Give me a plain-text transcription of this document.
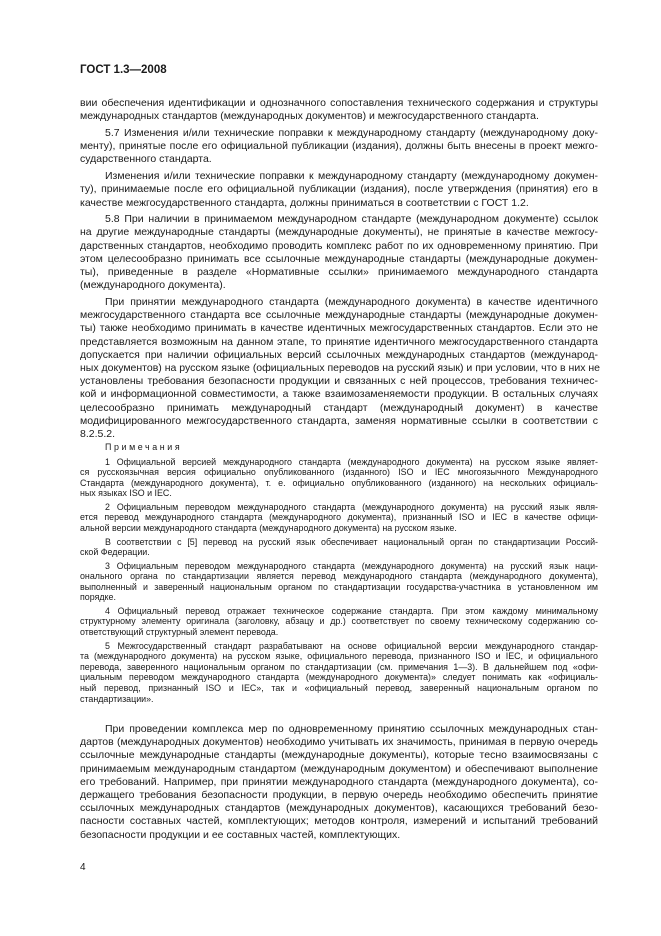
ГОСТ 1.3—2008
вии обеспечения идентификации и однозначного сопоставления технического содержания и структуры
международных стандартов (международных документов) и межгосударственного стандарта.
5.7 Изменения и/или технические поправки к международному стандарту (международному доку-
менту), принятые после его официальной публикации (издания), должны быть внесены в проект межго-
сударственного стандарта.
Изменения и/или технические поправки к международному стандарту (международному докумен-
ту), принимаемые после его официальной публикации (издания), после утверждения (принятия) его в
качестве межгосударственного стандарта, должны приниматься в соответствии с ГОСТ 1.2.
5.8 При наличии в принимаемом международном стандарте (международном документе) ссылок
на другие международные стандарты (международные документы), не принятые в качестве межгосу-
дарственных стандартов, необходимо проводить комплекс работ по их одновременному принятию. При
этом целесообразно принимать все ссылочные международные стандарты (международные докумен-
ты), приведенные в разделе «Нормативные ссылки» принимаемого международного стандарта
(международного документа).
При принятии международного стандарта (международного документа) в качестве идентичного
межгосударственного стандарта все ссылочные международные стандарты (международные докумен-
ты) также необходимо принимать в качестве идентичных межгосударственных стандартов. Если это не
представляется возможным на данном этапе, то принятие идентичного межгосударственного стандарта
допускается при наличии официальных версий ссылочных международных стандартов (международ-
ных документов) на русском языке (официальных переводов на русский язык) и при условии, что в них не
установлены требования безопасности продукции и связанных с ней процессов, требования техничес-
кой и информационной совместимости, а также взаимозаменяемости продукции. В остальных случаях
целесообразно принимать международный стандарт (международный документ) в качестве
модифицированного межгосударственного стандарта, заменяя нормативные ссылки в соответствии с
8.2.5.2.
Примечания
1 Официальной версией международного стандарта (международного документа) на русском языке являет-
ся русскоязычная версия официально опубликованного (изданного) ISO и IEC многоязычного Международного
Стандарта (международного документа), т. е. официально опубликованного (изданного) на нескольких официаль-
ных языках ISO и IEC.
2 Официальным переводом международного стандарта (международного документа) на русский язык явля-
ется перевод международного стандарта (международного документа), признанный ISO и IEC в качестве офици-
альной версии международного стандарта (международного документа) на русском языке.
В соответствии с [5] перевод на русский язык обеспечивает национальный орган по стандартизации Россий-
ской Федерации.
3 Официальным переводом международного стандарта (международного документа) на русский язык наци-
онального органа по стандартизации является перевод международного стандарта (международного документа),
выполненный и заверенный национальным органом по стандартизации государства-участника в установленном им
порядке.
4 Официальный перевод отражает техническое содержание стандарта. При этом каждому минимальному
структурному элементу оригинала (заголовку, абзацу и др.) соответствует по своему техническому содержанию со-
ответствующий структурный элемент перевода.
5 Межгосударственный стандарт разрабатывают на основе официальной версии международного стандар-
та (международного документа) на русском языке, официального перевода, признанного ISO и IEC, и официального
перевода, заверенного национальным органом по стандартизации (см. примечания 1—3). В дальнейшем под «офи-
циальным переводом международного стандарта (международного документа)» следует понимать как «официаль-
ный перевод, признанный ISO и IEC», так и «официальный перевод, заверенный национальным органом по
стандартизации».
При проведении комплекса мер по одновременному принятию ссылочных международных стан-
дартов (международных документов) необходимо учитывать их значимость, принимая в первую очередь
ссылочные международные стандарты (международные документы), которые тесно взаимосвязаны с
принимаемым международным стандартом (международным документом) и обеспечивают выполнение
его требований. Например, при принятии международного стандарта (международного документа), со-
держащего требования безопасности продукции, в первую очередь необходимо обеспечить принятие
ссылочных международных стандартов (международных документов), касающихся требований безо-
пасности составных частей, комплектующих; методов контроля, измерений и испытаний требований
безопасности продукции и ее составных частей, комплектующих.
4
